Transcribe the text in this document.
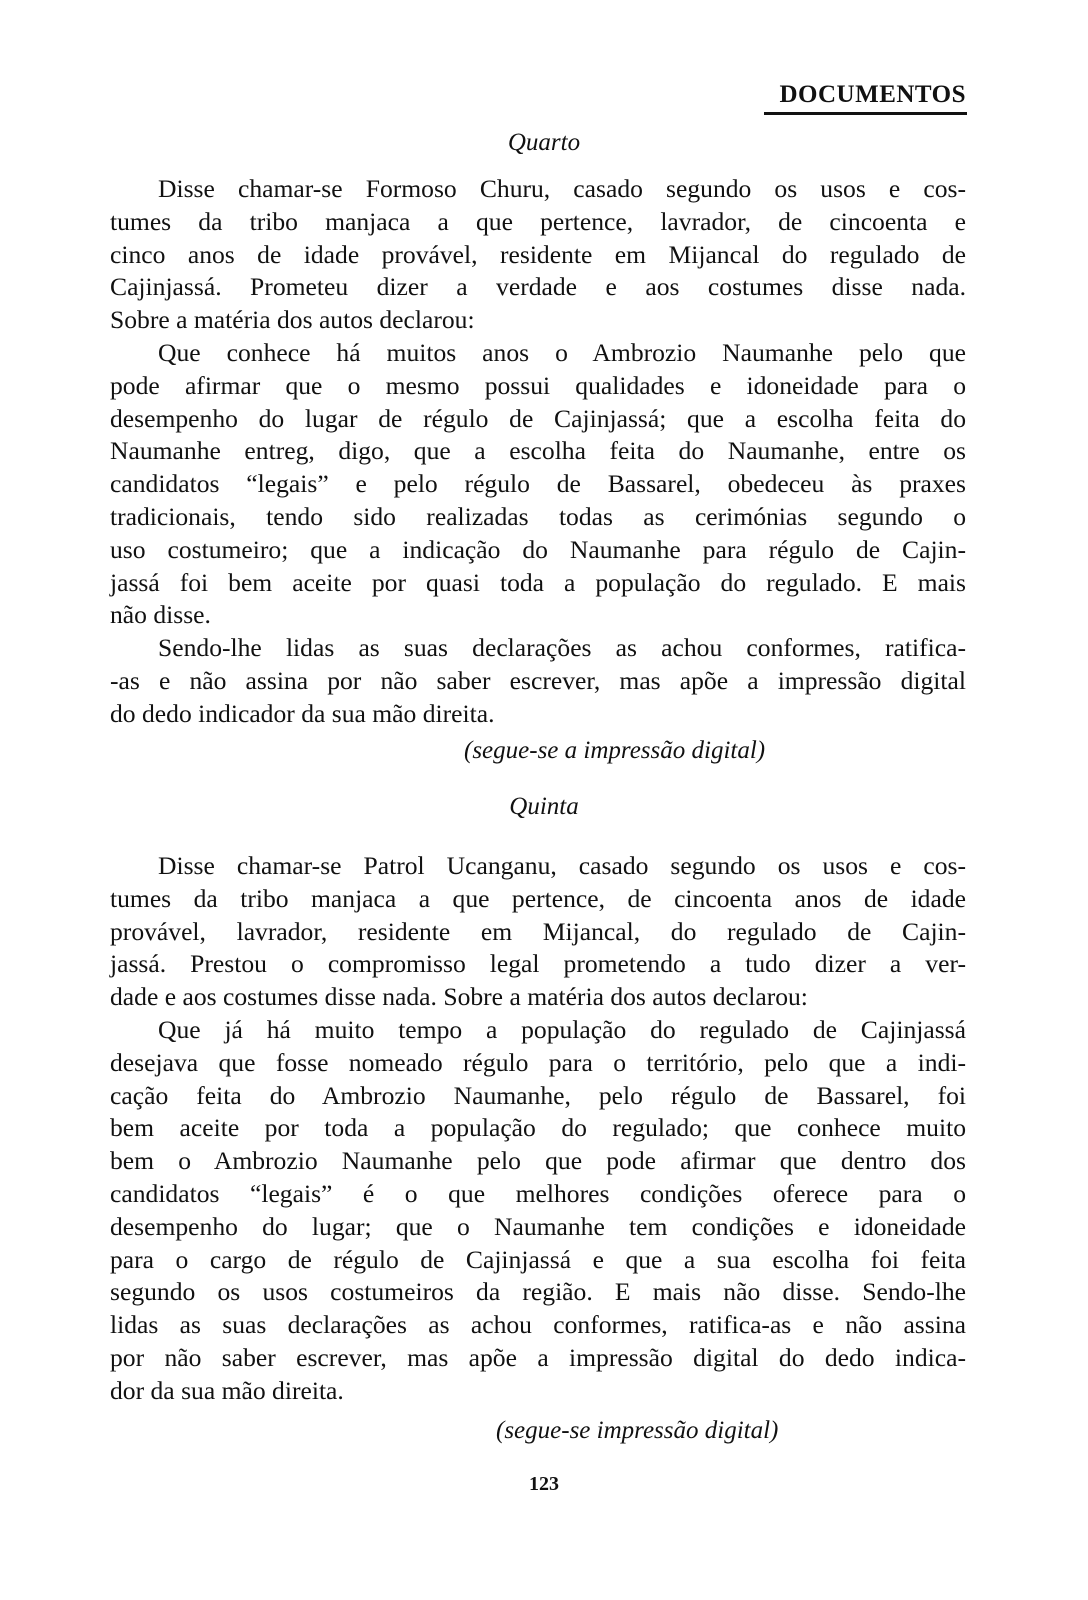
DOCUMENTOS
Quarto
Disse chamar-se Formoso Churu, casado segundo os usos e cos-
tumes da tribo manjaca a que pertence, lavrador, de cincoenta e
cinco anos de idade provável, residente em Mijancal do regulado de
Cajinjassá. Prometeu dizer a verdade e aos costumes disse nada.
Sobre a matéria dos autos declarou:
Que conhece há muitos anos o Ambrozio Naumanhe pelo que
pode afirmar que o mesmo possui qualidades e idoneidade para o
desempenho do lugar de régulo de Cajinjassá; que a escolha feita do
Naumanhe entreg, digo, que a escolha feita do Naumanhe, entre os
candidatos “legais” e pelo régulo de Bassarel, obedeceu às praxes
tradicionais, tendo sido realizadas todas as cerimónias segundo o
uso costumeiro; que a indicação do Naumanhe para régulo de Cajin-
jassá foi bem aceite por quasi toda a população do regulado. E mais
não disse.
Sendo-lhe lidas as suas declarações as achou conformes, ratifica-
-as e não assina por não saber escrever, mas apõe a impressão digital
do dedo indicador da sua mão direita.
(segue-se a impressão digital)
Quinta
Disse chamar-se Patrol Ucanganu, casado segundo os usos e cos-
tumes da tribo manjaca a que pertence, de cincoenta anos de idade
provável, lavrador, residente em Mijancal, do regulado de Cajin-
jassá. Prestou o compromisso legal prometendo a tudo dizer a ver-
dade e aos costumes disse nada. Sobre a matéria dos autos declarou:
Que já há muito tempo a população do regulado de Cajinjassá
desejava que fosse nomeado régulo para o território, pelo que a indi-
cação feita do Ambrozio Naumanhe, pelo régulo de Bassarel, foi
bem aceite por toda a população do regulado; que conhece muito
bem o Ambrozio Naumanhe pelo que pode afirmar que dentro dos
candidatos “legais” é o que melhores condições oferece para o
desempenho do lugar; que o Naumanhe tem condições e idoneidade
para o cargo de régulo de Cajinjassá e que a sua escolha foi feita
segundo os usos costumeiros da região. E mais não disse. Sendo-lhe
lidas as suas declarações as achou conformes, ratifica-as e não assina
por não saber escrever, mas apõe a impressão digital do dedo indica-
dor da sua mão direita.
(segue-se impressão digital)
123
